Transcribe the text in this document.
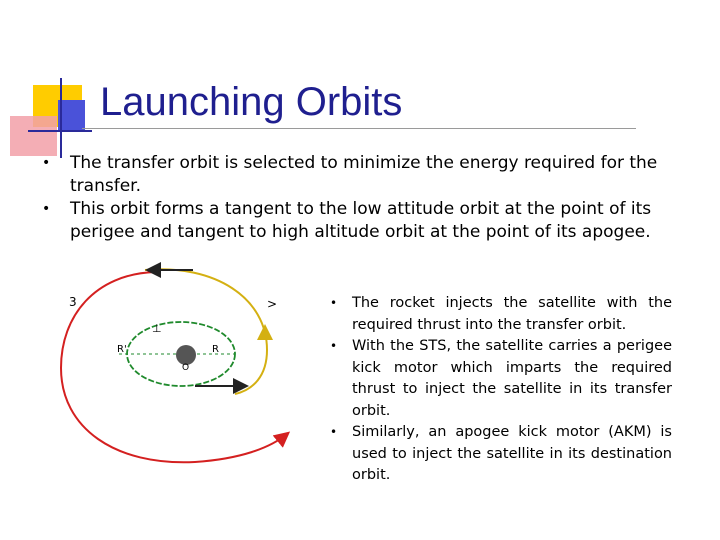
Launching Orbits
• The transfer orbit is selected to minimize the energy required for the transfer.
• This orbit forms a tangent to the low attitude orbit at the point of its perigee and tangent to high altitude orbit at the point of its apogee.
3	>
⊥
R'	R
O
• The rocket injects the satellite with the required thrust into the transfer orbit.
• With the STS, the satellite carries a perigee kick motor which imparts the required thrust to inject the satellite in its transfer orbit.
• Similarly, an apogee kick motor (AKM) is used to inject the satellite in its destination orbit.
